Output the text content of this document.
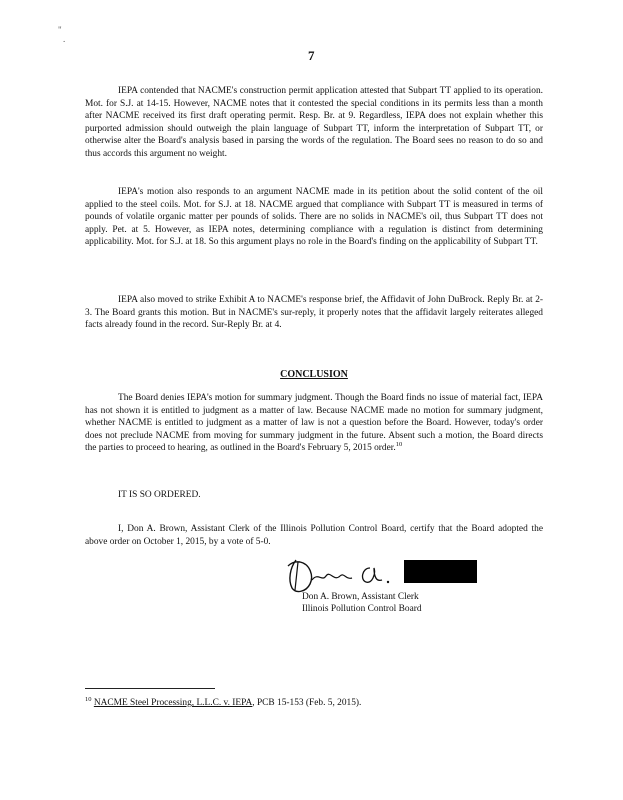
"
.
7

IEPA contended that NACME's construction permit application attested that Subpart TT applied to its operation. Mot. for S.J. at 14-15. However, NACME notes that it contested the special conditions in its permits less than a month after NACME received its first draft operating permit. Resp. Br. at 9. Regardless, IEPA does not explain whether this purported admission should outweigh the plain language of Subpart TT, inform the interpretation of Subpart TT, or otherwise alter the Board's analysis based in parsing the words of the regulation. The Board sees no reason to do so and thus accords this argument no weight.

IEPA's motion also responds to an argument NACME made in its petition about the solid content of the oil applied to the steel coils. Mot. for S.J. at 18. NACME argued that compliance with Subpart TT is measured in terms of pounds of volatile organic matter per pounds of solids. There are no solids in NACME's oil, thus Subpart TT does not apply. Pet. at 5. However, as IEPA notes, determining compliance with a regulation is distinct from determining applicability. Mot. for S.J. at 18. So this argument plays no role in the Board's finding on the applicability of Subpart TT.

IEPA also moved to strike Exhibit A to NACME's response brief, the Affidavit of John DuBrock. Reply Br. at 2-3. The Board grants this motion. But in NACME's sur-reply, it properly notes that the affidavit largely reiterates alleged facts already found in the record. Sur-Reply Br. at 4.

CONCLUSION

The Board denies IEPA's motion for summary judgment. Though the Board finds no issue of material fact, IEPA has not shown it is entitled to judgment as a matter of law. Because NACME made no motion for summary judgment, whether NACME is entitled to judgment as a matter of law is not a question before the Board. However, today's order does not preclude NACME from moving for summary judgment in the future. Absent such a motion, the Board directs the parties to proceed to hearing, as outlined in the Board's February 5, 2015 order.$^{10}$

IT IS SO ORDERED.

I, Don A. Brown, Assistant Clerk of the Illinois Pollution Control Board, certify that the Board adopted the above order on October 1, 2015, by a vote of 5-0.

Don A. Brown, Assistant Clerk
Illinois Pollution Control Board
$^{10}$ NACME Steel Processing, L.L.C. v. IEPA, PCB 15-153 (Feb. 5, 2015).
